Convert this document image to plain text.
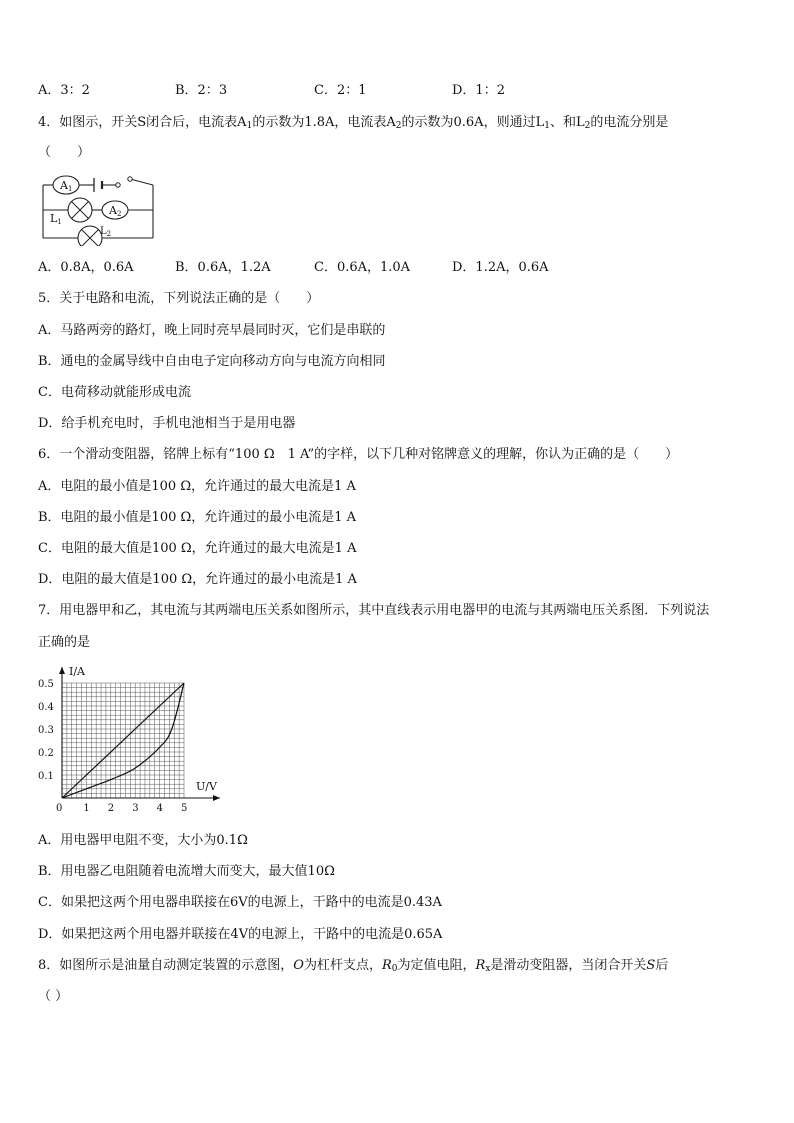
A．3：2	B．2：3	C．2：1	D．1：2
4．如图示，开关S闭合后，电流表$A_1$的示数为1.8A，电流表$A_2$的示数为0.6A，则通过$L_1$、和$L_2$的电流分别是
（　　）
A1
L1
A2
$L_2$
A．0.8A，0.6A	B．0.6A，1.2A	C．0.6A，1.0A	D．1.2A，0.6A
5．关于电路和电流，下列说法正确的是（　　）
A．马路两旁的路灯，晚上同时亮早晨同时灭，它们是串联的
B．通电的金属导线中自由电子定向移动方向与电流方向相同
C．电荷移动就能形成电流
D．给手机充电时，手机电池相当于是用电器
6．一个滑动变阻器，铭牌上标有“100 Ω　1 A”的字样，以下几种对铭牌意义的理解，你认为正确的是（　　）
A．电阻的最小值是100 Ω，允许通过的最大电流是1 A
B．电阻的最小值是100 Ω，允许通过的最小电流是1 A
C．电阻的最大值是100 Ω，允许通过的最大电流是1 A
D．电阻的最大值是100 Ω，允许通过的最小电流是1 A
7．用电器甲和乙，其电流与其两端电压关系如图所示，其中直线表示用电器甲的电流与其两端电压关系图．下列说法
正确的是
I/A
U/V
0 1 2 3 4 5
0.1
0.2
0.3
0.4
0.5
A．用电器甲电阻不变，大小为0.1Ω
B．用电器乙电阻随着电流增大而变大，最大值10Ω
C．如果把这两个用电器串联接在6V的电源上，干路中的电流是0.43A
D．如果把这两个用电器并联接在4V的电源上，干路中的电流是0.65A
8．如图所示是油量自动测定装置的示意图，O为杠杆支点，$R_0$为定值电阻，$R_x$是滑动变阻器，当闭合开关S后
（ ）
